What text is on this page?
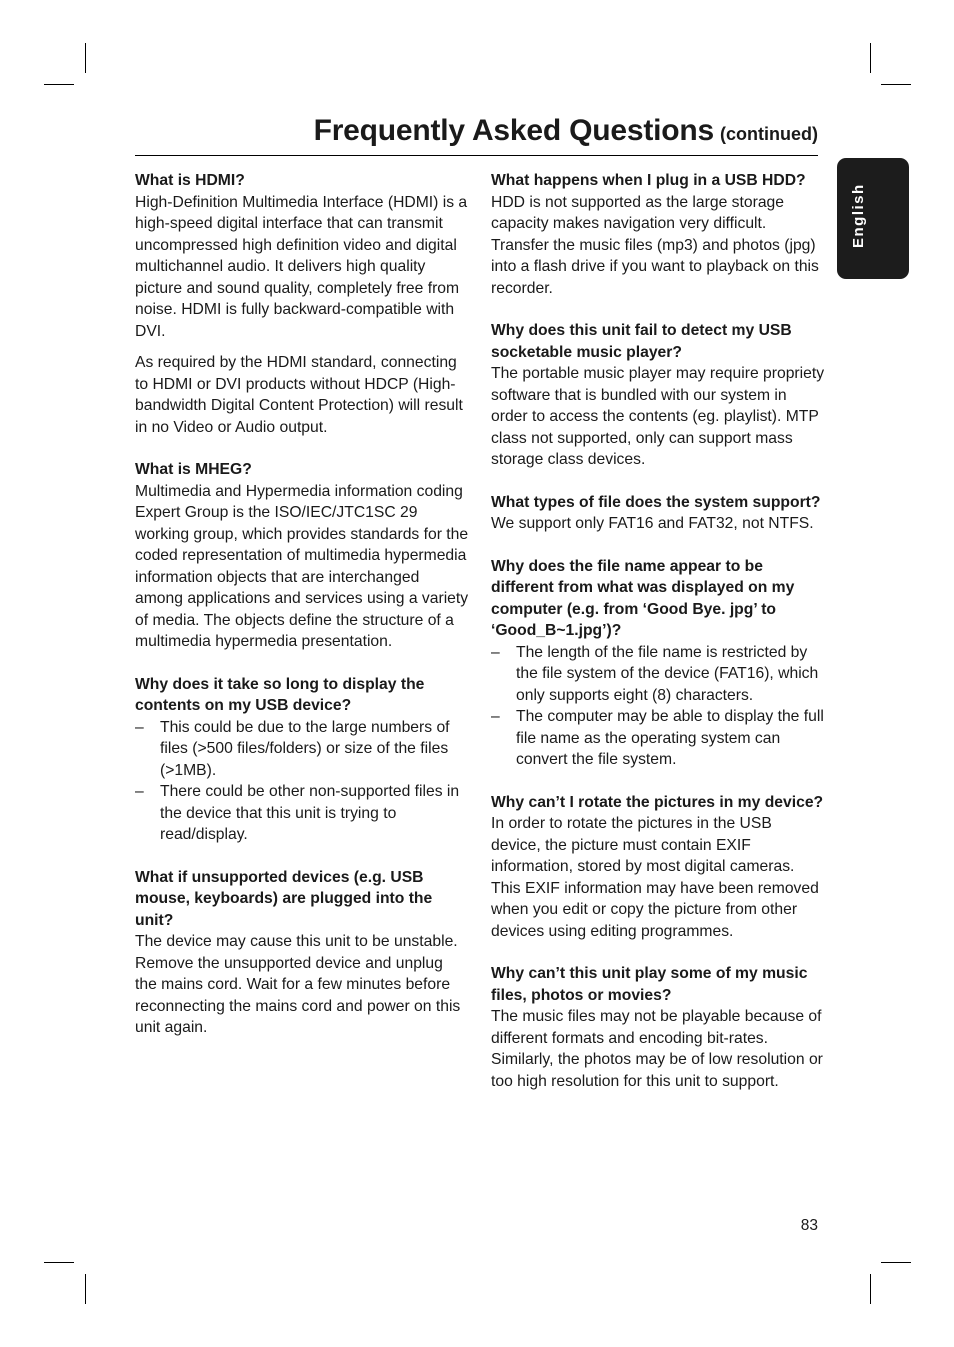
Frequently Asked Questions (continued)
English

What is HDMI?

High-Definition Multimedia Interface (HDMI) is a high-speed digital interface that can transmit uncompressed high definition video and digital multichannel audio. It delivers high quality picture and sound quality, completely free from noise. HDMI is fully backward-compatible with DVI.

As required by the HDMI standard, connecting to HDMI or DVI products without HDCP (High-bandwidth Digital Content Protection) will result in no Video or Audio output.

What is MHEG?

Multimedia and Hypermedia information coding Expert Group is the ISO/IEC/JTC1SC 29 working group, which provides standards for the coded representation of multimedia hypermedia information objects that are interchanged among applications and services using a variety of media. The objects define the structure of a multimedia hypermedia presentation.

Why does it take so long to display the contents on my USB device?

– This could be due to the large numbers of files (>500 files/folders) or size of the files (>1MB).
– There could be other non-supported files in the device that this unit is trying to read/display.

What if unsupported devices (e.g. USB mouse, keyboards) are plugged into the unit?

The device may cause this unit to be unstable. Remove the unsupported device and unplug the mains cord. Wait for a few minutes before reconnecting the mains cord and power on this unit again.

What happens when I plug in a USB HDD?

HDD is not supported as the large storage capacity makes navigation very difficult. Transfer the music files (mp3) and photos (jpg) into a flash drive if you want to playback on this recorder.

Why does this unit fail to detect my USB socketable music player?

The portable music player may require propriety software that is bundled with our system in order to access the contents (eg. playlist). MTP class not supported, only can support mass storage class devices.

What types of file does the system support?

We support only FAT16 and FAT32, not NTFS.

Why does the file name appear to be different from what was displayed on my computer (e.g. from ‘Good Bye. jpg’ to ‘Good_B~1.jpg’)?

– The length of the file name is restricted by the file system of the device (FAT16), which only supports eight (8) characters.
– The computer may be able to display the full file name as the operating system can convert the file system.

Why can’t I rotate the pictures in my device?

In order to rotate the pictures in the USB device, the picture must contain EXIF information, stored by most digital cameras. This EXIF information may have been removed when you edit or copy the picture from other devices using editing programmes.

Why can’t this unit play some of my music files, photos or movies?

The music files may not be playable because of different formats and encoding bit-rates. Similarly, the photos may be of low resolution or too high resolution for this unit to support.

83
